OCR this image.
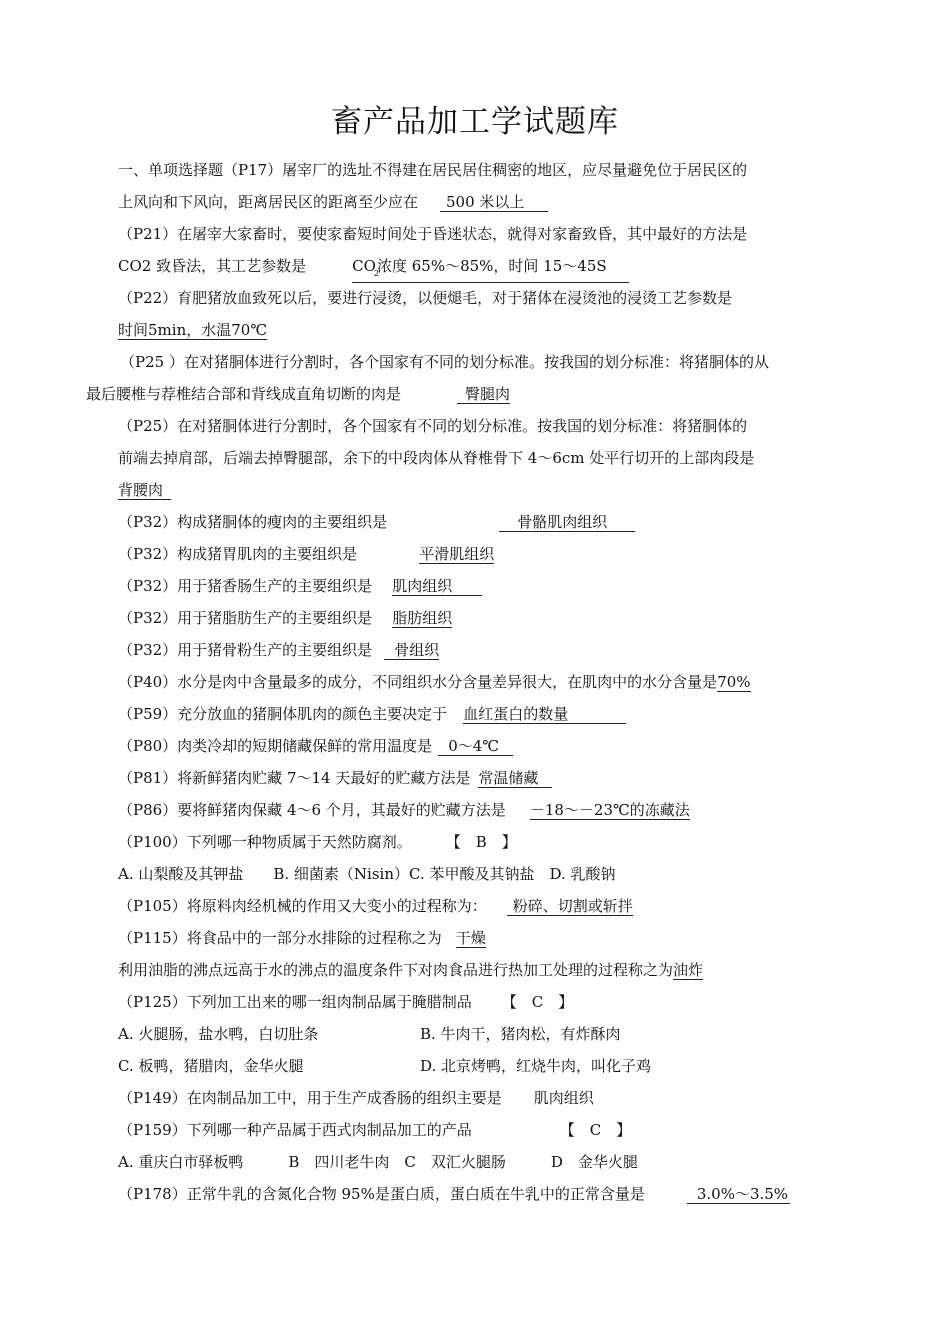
畜产品加工学试题库
一、单项选择题（P17）屠宰厂的选址不得建在居民居住稠密的地区，应尽量避免位于居民区的
上风向和下风向，距离居民区的距离至少应在 500 米以上
（P21）在屠宰大家畜时，要使家畜短时间处于昏迷状态，就得对家畜致昏，其中最好的方法是
CO2 致昏法，其工艺参数是	$CO_2$浓度 65%～85%，时间 15～45S
（P22）育肥猪放血致死以后，要进行浸烫，以便煺毛，对于猪体在浸烫池的浸烫工艺参数是
时间5min，水温70℃
（P25 ）在对猪胴体进行分割时，各个国家有不同的划分标准。按我国的划分标准：将猪胴体的从
最后腰椎与荐椎结合部和背线成直角切断的肉是	臀腿肉
（P25）在对猪胴体进行分割时，各个国家有不同的划分标准。按我国的划分标准：将猪胴体的
前端去掉肩部，后端去掉臀腿部，余下的中段肉体从脊椎骨下 4～6cm 处平行切开的上部肉段是
背腰肉
（P32）构成猪胴体的瘦肉的主要组织是	骨骼肌肉组织
（P32）构成猪胃肌肉的主要组织是	平滑肌组织
（P32）用于猪香肠生产的主要组织是 肌肉组织
（P32）用于猪脂肪生产的主要组织是 脂肪组织
（P32）用于猪骨粉生产的主要组织是 骨组织
（P40）水分是肉中含量最多的成分，不同组织水分含量差异很大，在肌肉中的水分含量是70%
（P59）充分放血的猪胴体肌肉的颜色主要决定于 血红蛋白的数量
（P80）肉类冷却的短期储藏保鲜的常用温度是 0～4℃
（P81）将新鲜猪肉贮藏 7～14 天最好的贮藏方法是 常温储藏
（P86）要将鲜猪肉保藏 4～6 个月，其最好的贮藏方法是 －18～－23℃的冻藏法
（P100）下列哪一种物质属于天然防腐剂。 【　B　】
A. 山梨酸及其钾盐　　B. 细菌素（Nisin）C. 苯甲酸及其钠盐　D. 乳酸钠
（P105）将原料肉经机械的作用又大变小的过程称为： 粉碎、切割或斩拌
（P115）将食品中的一部分水排除的过程称之为 干燥
利用油脂的沸点远高于水的沸点的温度条件下对肉食品进行热加工处理的过程称之为油炸
（P125）下列加工出来的哪一组肉制品属于腌腊制品 【　C　】
A. 火腿肠，盐水鸭，白切肚条	B. 牛肉干，猪肉松，有炸酥肉
C. 板鸭，猪腊肉，金华火腿	D. 北京烤鸭，红烧牛肉，叫化子鸡
（P149）在肉制品加工中，用于生产成香肠的组织主要是 肌肉组织
（P159）下列哪一种产品属于西式肉制品加工的产品	【　C　】
A. 重庆白市驿板鸭　　　B　四川老牛肉　C　双汇火腿肠　　　D　金华火腿
（P178）正常牛乳的含氮化合物 95%是蛋白质，蛋白质在牛乳中的正常含量是	3.0%～3.5%
